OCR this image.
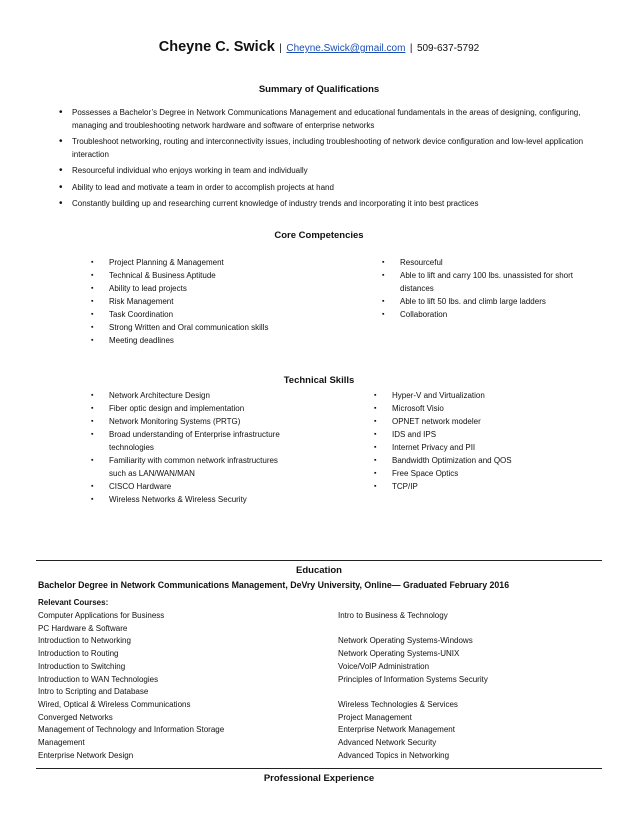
Cheyne C. Swick | Cheyne.Swick@gmail.com | 509-637-5792
Summary of Qualifications
• Possesses a Bachelor’s Degree in Network Communications Management and educational fundamentals in the areas of designing, configuring, managing and troubleshooting network hardware and software of enterprise networks
• Troubleshoot networking, routing and interconnectivity issues, including troubleshooting of network device configuration and low-level application interaction
• Resourceful individual who enjoys working in team and individually
• Ability to lead and motivate a team in order to accomplish projects at hand
• Constantly building up and researching current knowledge of industry trends and incorporating it into best practices
Core Competencies
▪ Project Planning & Management
▪ Technical & Business Aptitude
▪ Ability to lead projects
▪ Risk Management
▪ Task Coordination
▪ Strong Written and Oral communication skills
▪ Meeting deadlines
▪ Resourceful
▪ Able to lift and carry 100 lbs. unassisted for short distances
▪ Able to lift 50 lbs. and climb large ladders
▪ Collaboration
Technical Skills
▪ Network Architecture Design
▪ Fiber optic design and implementation
▪ Network Monitoring Systems (PRTG)
▪ Broad understanding of Enterprise infrastructure technologies
▪ Familiarity with common network infrastructures such as LAN/WAN/MAN
▪ CISCO Hardware
▪ Wireless Networks & Wireless Security
▪ Hyper-V and Virtualization
▪ Microsoft Visio
▪ OPNET network modeler
▪ IDS and IPS
▪ Internet Privacy and PII
▪ Bandwidth Optimization and QOS
▪ Free Space Optics
▪ TCP/IP
Education
Bachelor Degree in Network Communications Management, DeVry University, Online— Graduated February 2016
Relevant Courses:
Computer Applications for Business
PC Hardware & Software
Introduction to Networking
Introduction to Routing
Introduction to Switching
Introduction to WAN Technologies
Intro to Scripting and Database
Wired, Optical & Wireless Communications
Converged Networks
Management of Technology and Information Storage
Management
Enterprise Network Design
Intro to Business & Technology

Network Operating Systems-Windows
Network Operating Systems-UNIX
Voice/VoIP Administration
Principles of Information Systems Security

Wireless Technologies & Services
Project Management
Enterprise Network Management
Advanced Network Security
Advanced Topics in Networking
Professional Experience
